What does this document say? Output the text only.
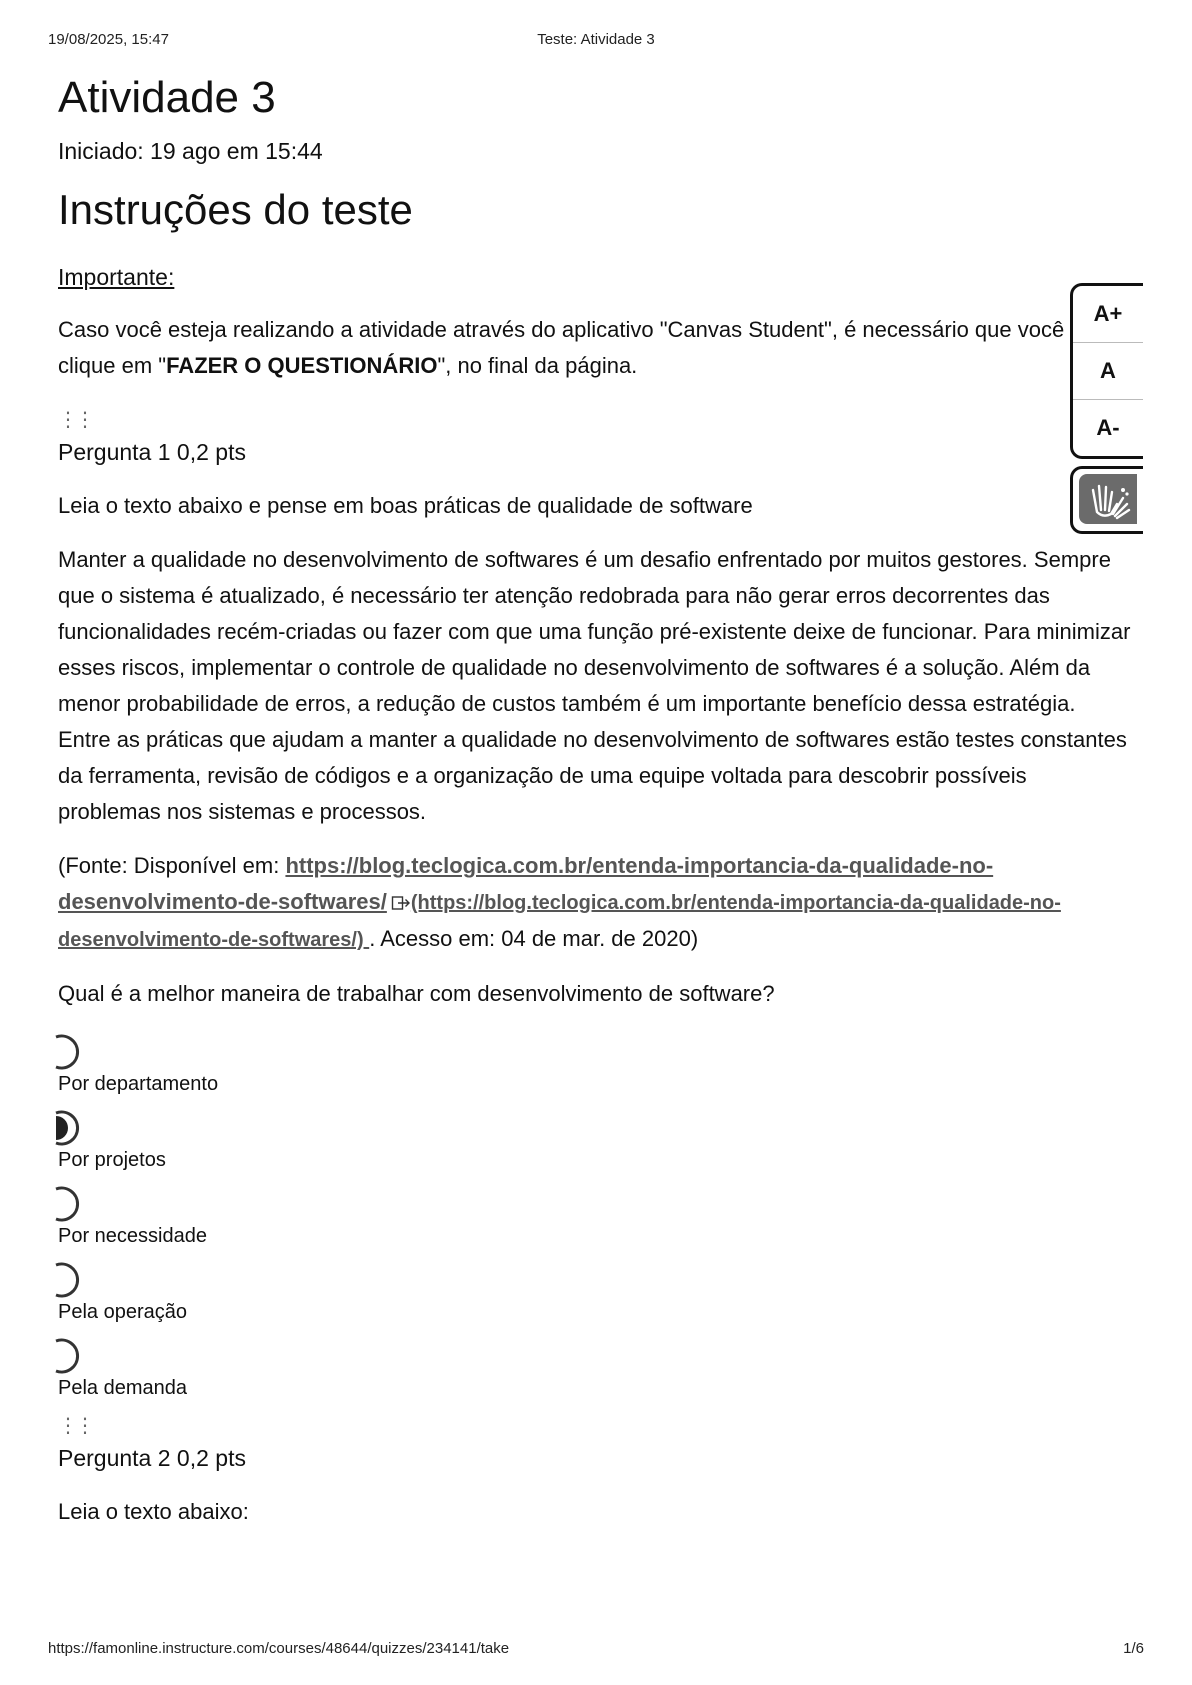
19/08/2025, 15:47	Teste: Atividade 3
Atividade 3
Iniciado: 19 ago em 15:44
Instruções do teste
Importante:

Caso você esteja realizando a atividade através do aplicativo "Canvas Student", é necessário que você clique em "FAZER O QUESTIONÁRIO", no final da página.

⋮⋮
Pergunta 1 0,2 pts

Leia o texto abaixo e pense em boas práticas de qualidade de software

Manter a qualidade no desenvolvimento de softwares é um desafio enfrentado por muitos gestores. Sempre que o sistema é atualizado, é necessário ter atenção redobrada para não gerar erros decorrentes das funcionalidades recém-criadas ou fazer com que uma função pré-existente deixe de funcionar. Para minimizar esses riscos, implementar o controle de qualidade no desenvolvimento de softwares é a solução. Além da menor probabilidade de erros, a redução de custos também é um importante benefício dessa estratégia. Entre as práticas que ajudam a manter a qualidade no desenvolvimento de softwares estão testes constantes da ferramenta, revisão de códigos e a organização de uma equipe voltada para descobrir possíveis problemas nos sistemas e processos.

(Fonte: Disponível em: https://blog.teclogica.com.br/entenda-importancia-da-qualidade-no-desenvolvimento-de-softwares/ (https://blog.teclogica.com.br/entenda-importancia-da-qualidade-no-desenvolvimento-de-softwares/) . Acesso em: 04 de mar. de 2020)

Qual é a melhor maneira de trabalhar com desenvolvimento de software?

Por departamento
Por projetos
Por necessidade
Pela operação
Pela demanda
⋮⋮
Pergunta 2 0,2 pts

Leia o texto abaixo:

A+
A
A-
https://famonline.instructure.com/courses/48644/quizzes/234141/take	1/6
